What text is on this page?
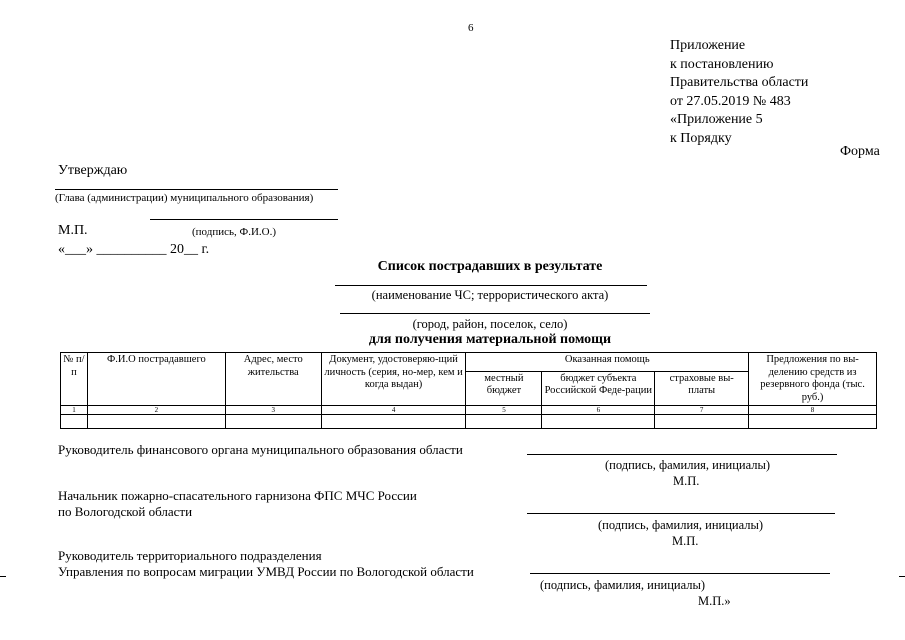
6
Приложение
к постановлению
Правительства области
от 27.05.2019 № 483
«Приложение 5
к Порядку
Форма
Утверждаю
(Глава (администрации) муниципального образования)
М.П.	(подпись, Ф.И.О.)
«___» __________ 20__ г.
Список пострадавших в результате
(наименование ЧС; террористического акта)
(город, район, поселок, село)
для получения материальной помощи
№ п/п	Ф.И.О пострадавшего	Адрес, место жительства	Документ, удостоверяю-щий личность (серия, но-мер, кем и когда выдан)	Оказанная помощь			Предложения по вы-делению средств из резервного фонда (тыс. руб.)
				местный бюджет	бюджет субъекта Российской Феде-рации	страховые вы-платы	
1	2	3	4	5	6	7	8

Руководитель финансового органа муниципального образования области
(подпись, фамилия, инициалы)
М.П.
Начальник пожарно-спасательного гарнизона ФПС МЧС России
по Вологодской области
(подпись, фамилия, инициалы)
М.П.
Руководитель территориального подразделения
Управления по вопросам миграции УМВД России по Вологодской области
(подпись, фамилия, инициалы)
М.П.»
